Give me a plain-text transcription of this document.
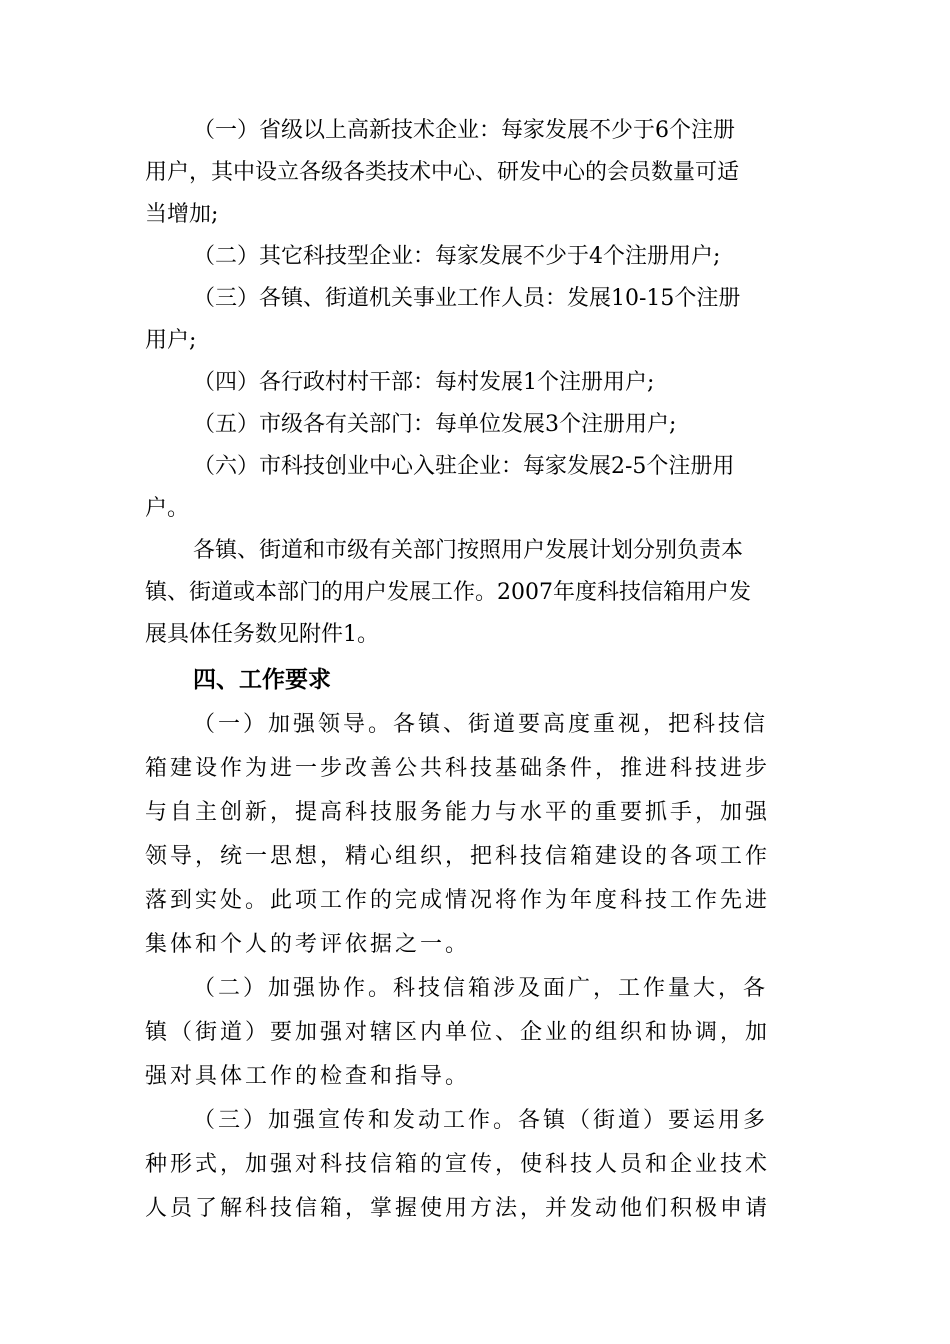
（一）省级以上高新技术企业：每家发展不少于6个注册
用户，其中设立各级各类技术中心、研发中心的会员数量可适
当增加;
（二）其它科技型企业：每家发展不少于4个注册用户;
（三）各镇、街道机关事业工作人员：发展10-15个注册
用户;
（四）各行政村村干部：每村发展1个注册用户;
（五）市级各有关部门：每单位发展3个注册用户;
（六）市科技创业中心入驻企业：每家发展2-5个注册用
户。
各镇、街道和市级有关部门按照用户发展计划分别负责本
镇、街道或本部门的用户发展工作。2007年度科技信箱用户发
展具体任务数见附件1。
四、工作要求
（一）加强领导。各镇、街道要高度重视，把科技信
箱建设作为进一步改善公共科技基础条件，推进科技进步
与自主创新，提高科技服务能力与水平的重要抓手，加强
领导，统一思想，精心组织，把科技信箱建设的各项工作
落到实处。此项工作的完成情况将作为年度科技工作先进
集体和个人的考评依据之一。
（二）加强协作。科技信箱涉及面广，工作量大，各
镇（街道）要加强对辖区内单位、企业的组织和协调，加
强对具体工作的检查和指导。
（三）加强宣传和发动工作。各镇（街道）要运用多
种形式，加强对科技信箱的宣传，使科技人员和企业技术
人员了解科技信箱，掌握使用方法，并发动他们积极申请
